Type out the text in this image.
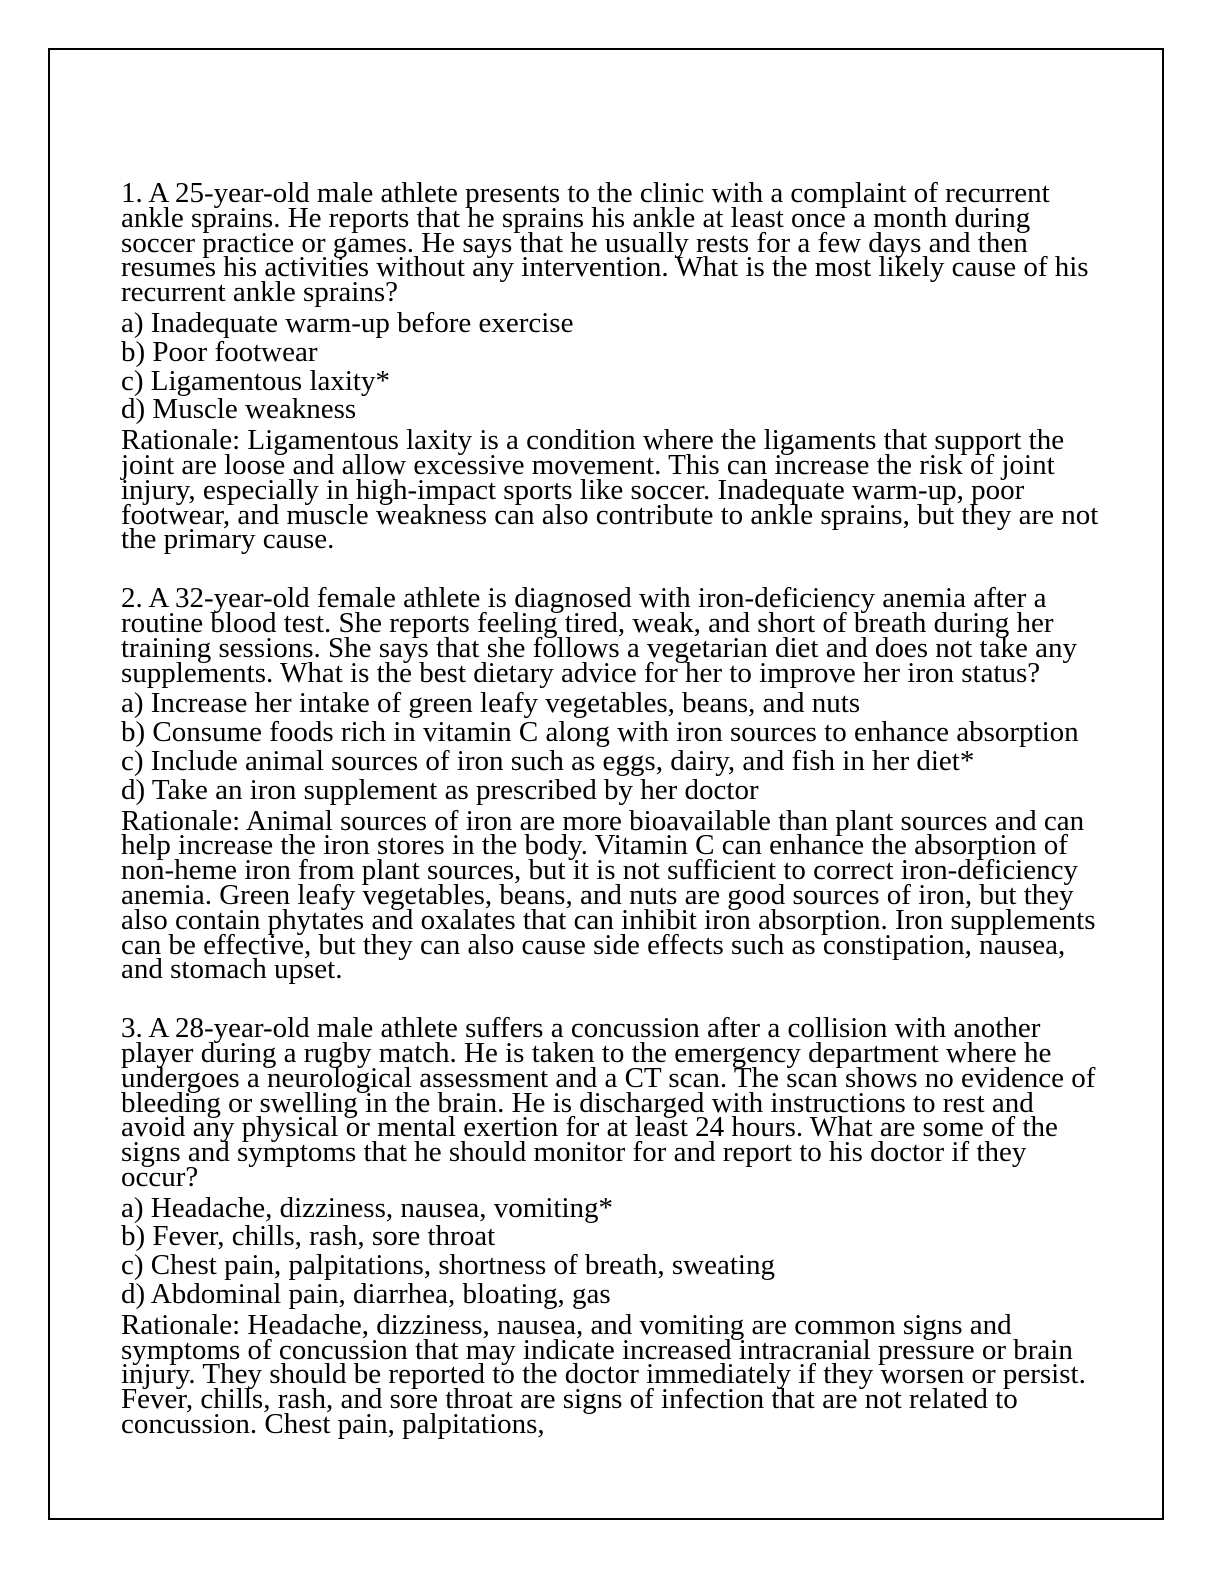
1. A 25-year-old male athlete presents to the clinic with a complaint of recurrent ankle sprains. He reports that he sprains his ankle at least once a month during soccer practice or games. He says that he usually rests for a few days and then resumes his activities without any intervention. What is the most likely cause of his recurrent ankle sprains?

a) Inadequate warm-up before exercise
b) Poor footwear
c) Ligamentous laxity*
d) Muscle weakness

Rationale: Ligamentous laxity is a condition where the ligaments that support the joint are loose and allow excessive movement. This can increase the risk of joint injury, especially in high-impact sports like soccer. Inadequate warm-up, poor footwear, and muscle weakness can also contribute to ankle sprains, but they are not the primary cause.

2. A 32-year-old female athlete is diagnosed with iron-deficiency anemia after a routine blood test. She reports feeling tired, weak, and short of breath during her training sessions. She says that she follows a vegetarian diet and does not take any supplements. What is the best dietary advice for her to improve her iron status?

a) Increase her intake of green leafy vegetables, beans, and nuts
b) Consume foods rich in vitamin C along with iron sources to enhance absorption
c) Include animal sources of iron such as eggs, dairy, and fish in her diet*
d) Take an iron supplement as prescribed by her doctor

Rationale: Animal sources of iron are more bioavailable than plant sources and can help increase the iron stores in the body. Vitamin C can enhance the absorption of non-heme iron from plant sources, but it is not sufficient to correct iron-deficiency anemia. Green leafy vegetables, beans, and nuts are good sources of iron, but they also contain phytates and oxalates that can inhibit iron absorption. Iron supplements can be effective, but they can also cause side effects such as constipation, nausea, and stomach upset.

3. A 28-year-old male athlete suffers a concussion after a collision with another player during a rugby match. He is taken to the emergency department where he undergoes a neurological assessment and a CT scan. The scan shows no evidence of bleeding or swelling in the brain. He is discharged with instructions to rest and avoid any physical or mental exertion for at least 24 hours. What are some of the signs and symptoms that he should monitor for and report to his doctor if they occur?

a) Headache, dizziness, nausea, vomiting*
b) Fever, chills, rash, sore throat
c) Chest pain, palpitations, shortness of breath, sweating
d) Abdominal pain, diarrhea, bloating, gas

Rationale: Headache, dizziness, nausea, and vomiting are common signs and symptoms of concussion that may indicate increased intracranial pressure or brain injury. They should be reported to the doctor immediately if they worsen or persist. Fever, chills, rash, and sore throat are signs of infection that are not related to concussion. Chest pain, palpitations,
